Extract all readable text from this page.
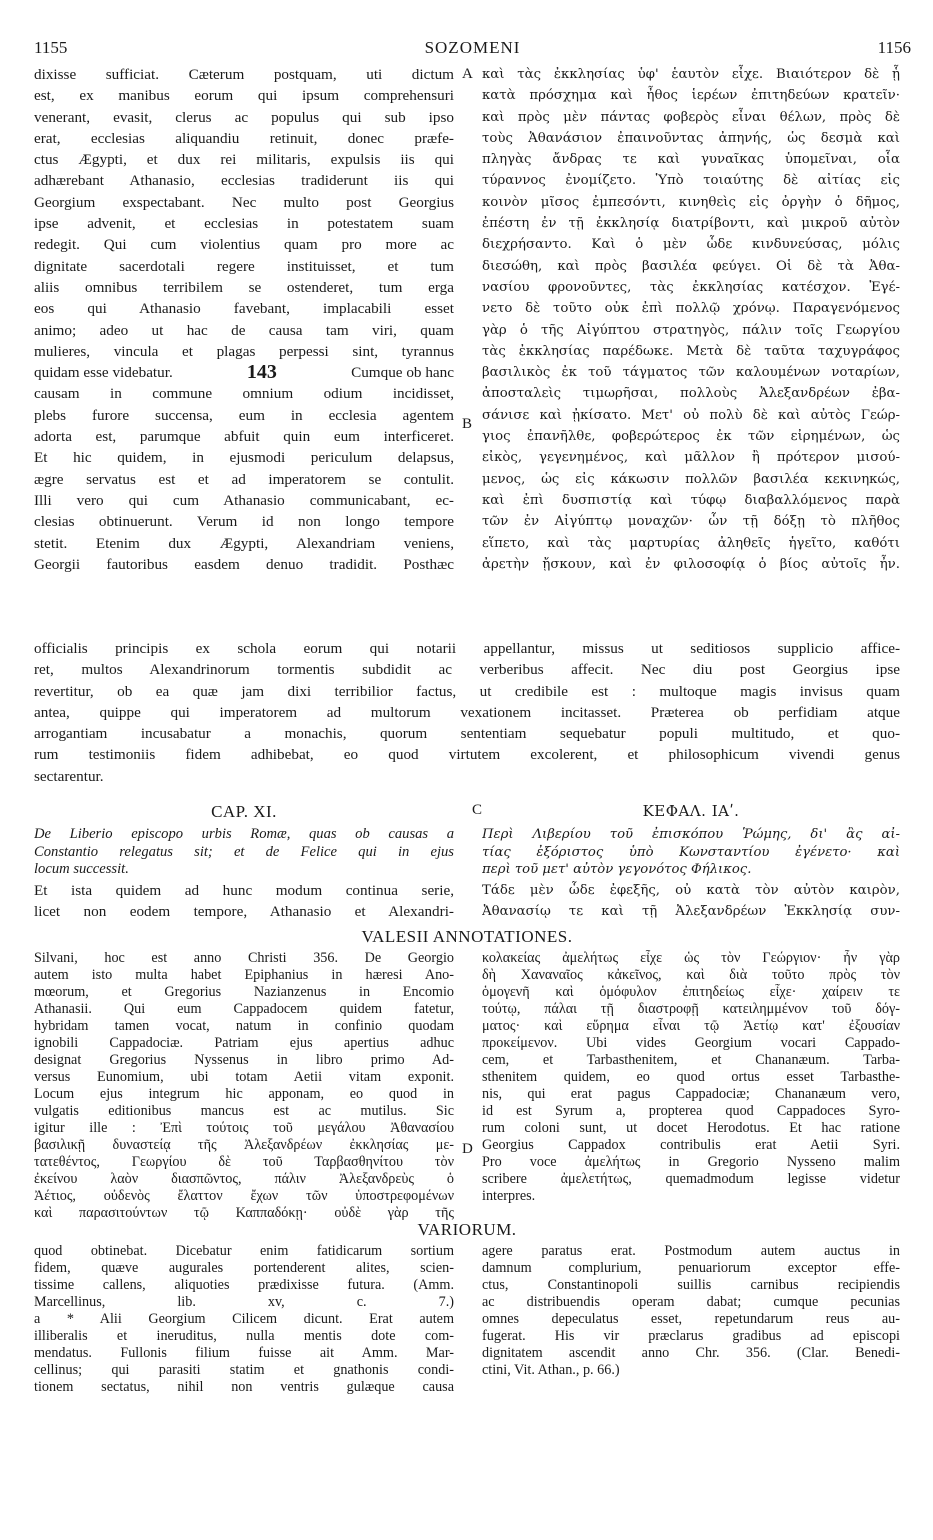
1155	SOZOMENI	1156
dixisse sufficiat. Cæterum postquam, uti dictum
est, ex manibus eorum qui ipsum comprehensuri
venerant, evasit, clerus ac populus qui sub ipso
erat, ecclesias aliquandiu retinuit, donec præfe-
ctus Ægypti, et dux rei militaris, expulsis iis qui
adhærebant Athanasio, ecclesias tradiderunt iis qui
Georgium exspectabant. Nec multo post Georgius
ipse advenit, et ecclesias in potestatem suam
redegit. Qui cum violentius quam pro more ac
dignitate sacerdotali regere instituisset, et tum
aliis omnibus terribilem se ostenderet, tum erga
eos qui Athanasio favebant, implacabili esset
animo; adeo ut hac de causa tam viri, quam
mulieres, vincula et plagas perpessi sint, tyrannus
quidam esse videbatur.	143	Cumque ob hanc
causam in commune omnium odium incidisset,
plebs furore succensa, eum in ecclesia agentem
adorta est, parumque abfuit quin eum interficeret.
Et hic quidem, in ejusmodi periculum delapsus,
ægre servatus est et ad imperatorem se contulit.
Illi vero qui cum Athanasio communicabant, ec-
clesias obtinuerunt. Verum id non longo tempore
stetit. Etenim dux Ægypti, Alexandriam veniens,
Georgii fautoribus easdem denuo tradidit. Posthæc
καὶ τὰς ἐκκλησίας ὑφ' ἑαυτὸν εἶχε. Βιαιότερον δὲ ᾗ
κατὰ πρόσχημα καὶ ἦθος ἱερέων ἐπιτηδεύων κρατεῖν·
καὶ πρὸς μὲν πάντας φοβερὸς εἶναι θέλων, πρὸς δὲ
τοὺς Ἀθανάσιον ἐπαινοῦντας ἀπηνής, ὡς δεσμὰ καὶ
πληγὰς ἄνδρας τε καὶ γυναῖκας ὑπομεῖναι, οἷα
τύραννος ἐνομίζετο. Ὑπὸ τοιαύτης δὲ αἰτίας εἰς
κοινὸν μῖσος ἐμπεσόντι, κινηθεὶς εἰς ὀργὴν ὁ δῆμος,
ἐπέστη ἐν τῇ ἐκκλησίᾳ διατρίβοντι, καὶ μικροῦ αὐτὸν
διεχρήσαντο. Καὶ ὁ μὲν ὧδε κινδυνεύσας, μόλις
διεσώθη, καὶ πρὸς βασιλέα φεύγει. Οἱ δὲ τὰ Ἀθα-
νασίου φρονοῦντες, τὰς ἐκκλησίας κατέσχον. Ἐγέ-
νετο δὲ τοῦτο οὐκ ἐπὶ πολλῷ χρόνῳ. Παραγενόμενος
γὰρ ὁ τῆς Αἰγύπτου στρατηγὸς, πάλιν τοῖς Γεωργίου
τὰς ἐκκλησίας παρέδωκε. Μετὰ δὲ ταῦτα ταχυγράφος
βασιλικὸς ἐκ τοῦ τάγματος τῶν καλουμένων νοταρίων,
ἀποσταλεὶς τιμωρῆσαι, πολλοὺς Ἀλεξανδρέων ἐβα-
σάνισε καὶ ᾐκίσατο. Μετ' οὐ πολὺ δὲ καὶ αὐτὸς Γεώρ-
γιος ἐπανῆλθε, φοβερώτερος ἐκ τῶν εἰρημένων, ὡς
εἰκὸς, γεγενημένος, καὶ μᾶλλον ἢ πρότερον μισού-
μενος, ὡς εἰς κάκωσιν πολλῶν βασιλέα κεκινηκώς,
καὶ ἐπὶ δυσπιστίᾳ καὶ τύφῳ διαβαλλόμενος παρὰ
τῶν ἐν Αἰγύπτῳ μοναχῶν· ὧν τῇ δόξῃ τὸ πλῆθος
εἵπετο, καὶ τὰς μαρτυρίας ἀληθεῖς ἡγεῖτο, καθότι
ἀρετὴν ᾔσκουν, καὶ ἐν φιλοσοφίᾳ ὁ βίος αὐτοῖς ἦν.
A
B
C
D
officialis principis ex schola eorum qui notarii appellantur, missus ut seditiosos supplicio affice-
ret, multos Alexandrinorum tormentis subdidit ac verberibus affecit. Nec diu post Georgius ipse
revertitur, ob ea quæ jam dixi terribilior factus, ut credibile est : multoque magis invisus quam
antea, quippe qui imperatorem ad multorum vexationem incitasset. Præterea ob perfidiam atque
arrogantiam incusabatur a monachis, quorum sententiam sequebatur populi multitudo, et quo-
rum testimoniis fidem adhibebat, eo quod virtutem excolerent, et philosophicum vivendi genus
sectarentur.
CAP. XI.	ΚΕΦΑΛ. ΙΑʹ.
De Liberio episcopo urbis Romæ, quas ob causas a
Constantio relegatus sit; et de Felice qui in ejus
locum successit.
Περὶ Λιβερίου τοῦ ἐπισκόπου Ῥώμης, δι' ἃς αἰ-
τίας ἐξόριστος ὑπὸ Κωνσταντίου ἐγένετο· καὶ
περὶ τοῦ μετ' αὐτὸν γεγονότος Φήλικος.
Et ista quidem ad hunc modum continua serie,
licet non eodem tempore, Athanasio et Alexandri-
Τάδε μὲν ὧδε ἐφεξῆς, οὐ κατὰ τὸν αὐτὸν καιρὸν,
Ἀθανασίῳ τε καὶ τῇ Ἀλεξανδρέων Ἐκκλησίᾳ συν-
VALESII ANNOTATIONES.
Silvani, hoc est anno Christi 356. De Georgio
autem isto multa habet Epiphanius in hæresi Ano-
mœorum, et Gregorius Nazianzenus in Encomio
Athanasii. Qui eum Cappadocem quidem fatetur,
hybridam tamen vocat, natum in confinio quodam
ignobili Cappadociæ. Patriam ejus apertius adhuc
designat Gregorius Nyssenus in libro primo Ad-
versus Eunomium, ubi totam Aetii vitam exponit.
Locum ejus integrum hic apponam, eo quod in
vulgatis editionibus mancus est ac mutilus. Sic
igitur ille : Ἐπὶ τούτοις τοῦ μεγάλου Ἀθανασίου
βασιλικῇ δυναστείᾳ τῆς Ἀλεξανδρέων ἐκκλησίας με-
τατεθέντος, Γεωργίου δὲ τοῦ Ταρβασθηνίτου τὸν
ἐκείνου λαὸν διασπῶντος, πάλιν Ἀλεξανδρεὺς ὁ
Ἀέτιος, οὐδενὸς ἔλαττον ἔχων τῶν ὑποστρεφομένων
καὶ παρασιτούντων τῷ Καππαδόκῃ· οὐδὲ γὰρ τῆς
κολακείας ἀμελήτως εἶχε ὡς τὸν Γεώργιον· ἦν γὰρ
δὴ Χαναναῖος κἀκεῖνος, καὶ διὰ τοῦτο πρὸς τὸν
ὁμογενῆ καὶ ὁμόφυλον ἐπιτηδείως εἶχε· χαίρειν τε
τούτῳ, πάλαι τῇ διαστροφῇ κατειλημμένον τοῦ δόγ-
ματος· καὶ εὕρημα εἶναι τῷ Ἀετίῳ κατ' ἐξουσίαν
προκείμενον. Ubi vides Georgium vocari Cappado-
cem, et Tarbasthenitem, et Chananæum. Tarba-
sthenitem quidem, eo quod ortus esset Tarbasthe-
nis, qui erat pagus Cappadociæ; Chananæum vero,
id est Syrum a, propterea quod Cappadoces Syro-
rum coloni sunt, ut docet Herodotus. Et hac ratione
Georgius Cappadox contribulis erat Aetii Syri.
Pro voce ἀμελήτως in Gregorio Nysseno malim
scribere ἀμελετήτως, quemadmodum legisse videtur
interpres.
VARIORUM.
quod obtinebat. Dicebatur enim fatidicarum sortium
fidem, quæve augurales portenderent alites, scien-
tissime callens, aliquoties prædixisse futura. (Amm.
Marcellinus, lib. xv, c. 7.)
a * Alii Georgium Cilicem dicunt. Erat autem
illiberalis et ineruditus, nulla mentis dote com-
mendatus. Fullonis filium fuisse ait Amm. Mar-
cellinus; qui parasiti statim et gnathonis condi-
tionem sectatus, nihil non ventris gulæque causa
agere paratus erat. Postmodum autem auctus in
damnum complurium, penuariorum exceptor effe-
ctus, Constantinopoli suillis carnibus recipiendis
ac distribuendis operam dabat; cumque pecunias
omnes depeculatus esset, repetundarum reus au-
fugerat. His vir præclarus gradibus ad episcopi
dignitatem ascendit anno Chr. 356. (Clar. Benedi-
ctini, Vit. Athan., p. 66.)
